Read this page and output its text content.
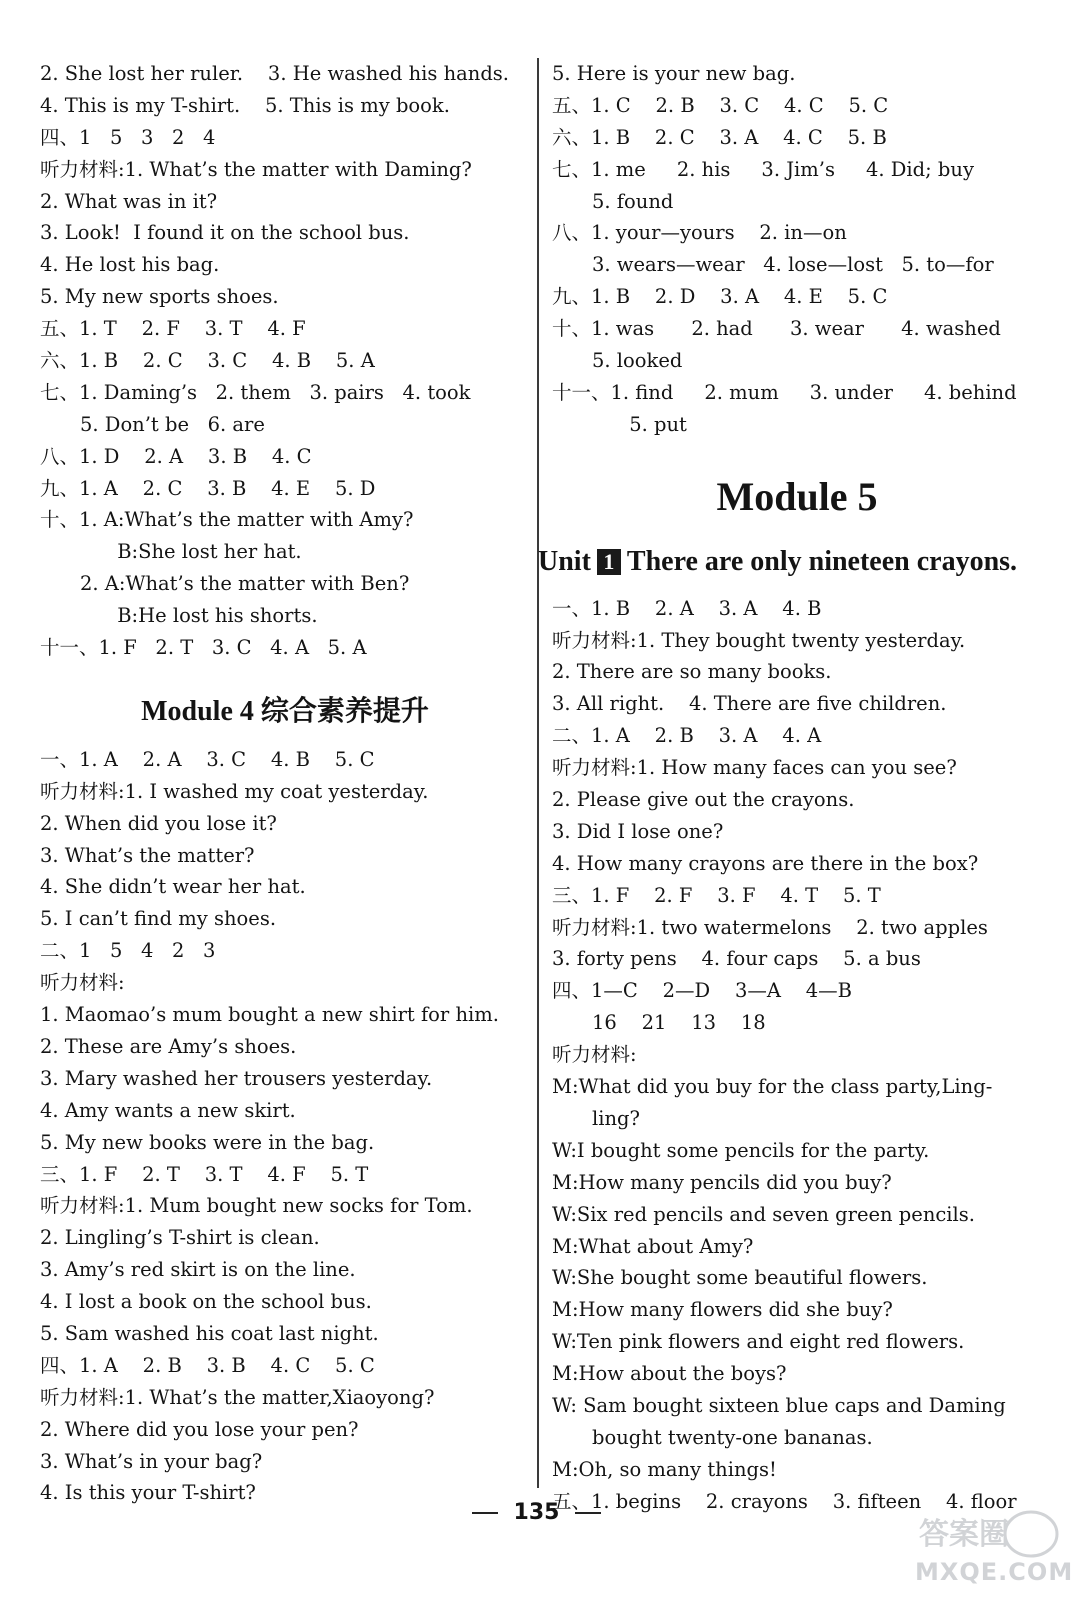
2. She lost her ruler.    3. He washed his hands.
4. This is my T-shirt.    5. This is my book.
四、1   5   3   2   4
听力材料:1. What’s the matter with Daming?
2. What was in it?
3. Look!  I found it on the school bus.
4. He lost his bag.
5. My new sports shoes.
五、1. T    2. F    3. T    4. F
六、1. B    2. C    3. C    4. B    5. A
七、1. Daming’s   2. them   3. pairs   4. took
5. Don’t be   6. are
八、1. D    2. A    3. B    4. C
九、1. A    2. C    3. B    4. E    5. D
十、1. A:What’s the matter with Amy?
B:She lost her hat.
2. A:What’s the matter with Ben?
B:He lost his shorts.
十一、1. F   2. T   3. C   4. A   5. A
Module 4 综合素养提升
一、1. A    2. A    3. C    4. B    5. C
听力材料:1. I washed my coat yesterday.
2. When did you lose it?
3. What’s the matter?
4. She didn’t wear her hat.
5. I can’t find my shoes.
二、1   5   4   2   3
听力材料:
1. Maomao’s mum bought a new shirt for him.
2. These are Amy’s shoes.
3. Mary washed her trousers yesterday.
4. Amy wants a new skirt.
5. My new books were in the bag.
三、1. F    2. T    3. T    4. F    5. T
听力材料:1. Mum bought new socks for Tom.
2. Lingling’s T-shirt is clean.
3. Amy’s red skirt is on the line.
4. I lost a book on the school bus.
5. Sam washed his coat last night.
四、1. A    2. B    3. B    4. C    5. C
听力材料:1. What’s the matter,Xiaoyong?
2. Where did you lose your pen?
3. What’s in your bag?
4. Is this your T-shirt?
5. Here is your new bag.
五、1. C    2. B    3. C    4. C    5. C
六、1. B    2. C    3. A    4. C    5. B
七、1. me     2. his     3. Jim’s     4. Did; buy
5. found
八、1. your—yours    2. in—on
3. wears—wear   4. lose—lost   5. to—for
九、1. B    2. D    3. A    4. E    5. C
十、1. was      2. had      3. wear      4. washed
5. looked
十一、1. find     2. mum     3. under     4. behind
5. put
Module 5
Unit 1 There are only nineteen crayons.
一、1. B    2. A    3. A    4. B
听力材料:1. They bought twenty yesterday.
2. There are so many books.
3. All right.    4. There are five children.
二、1. A    2. B    3. A    4. A
听力材料:1. How many faces can you see?
2. Please give out the crayons.
3. Did I lose one?
4. How many crayons are there in the box?
三、1. F    2. F    3. F    4. T    5. T
听力材料:1. two watermelons    2. two apples
3. forty pens    4. four caps    5. a bus
四、1—C    2—D    3—A    4—B
16    21    13    18
听力材料:
M:What did you buy for the class party,Ling-
ling?
W:I bought some pencils for the party.
M:How many pencils did you buy?
W:Six red pencils and seven green pencils.
M:What about Amy?
W:She bought some beautiful flowers.
M:How many flowers did she buy?
W:Ten pink flowers and eight red flowers.
M:How about the boys?
W: Sam bought sixteen blue caps and Daming
bought twenty-one bananas.
M:Oh, so many things!
五、1. begins    2. crayons    3. fifteen    4. floor
135
答案圈
MXQE.COM
